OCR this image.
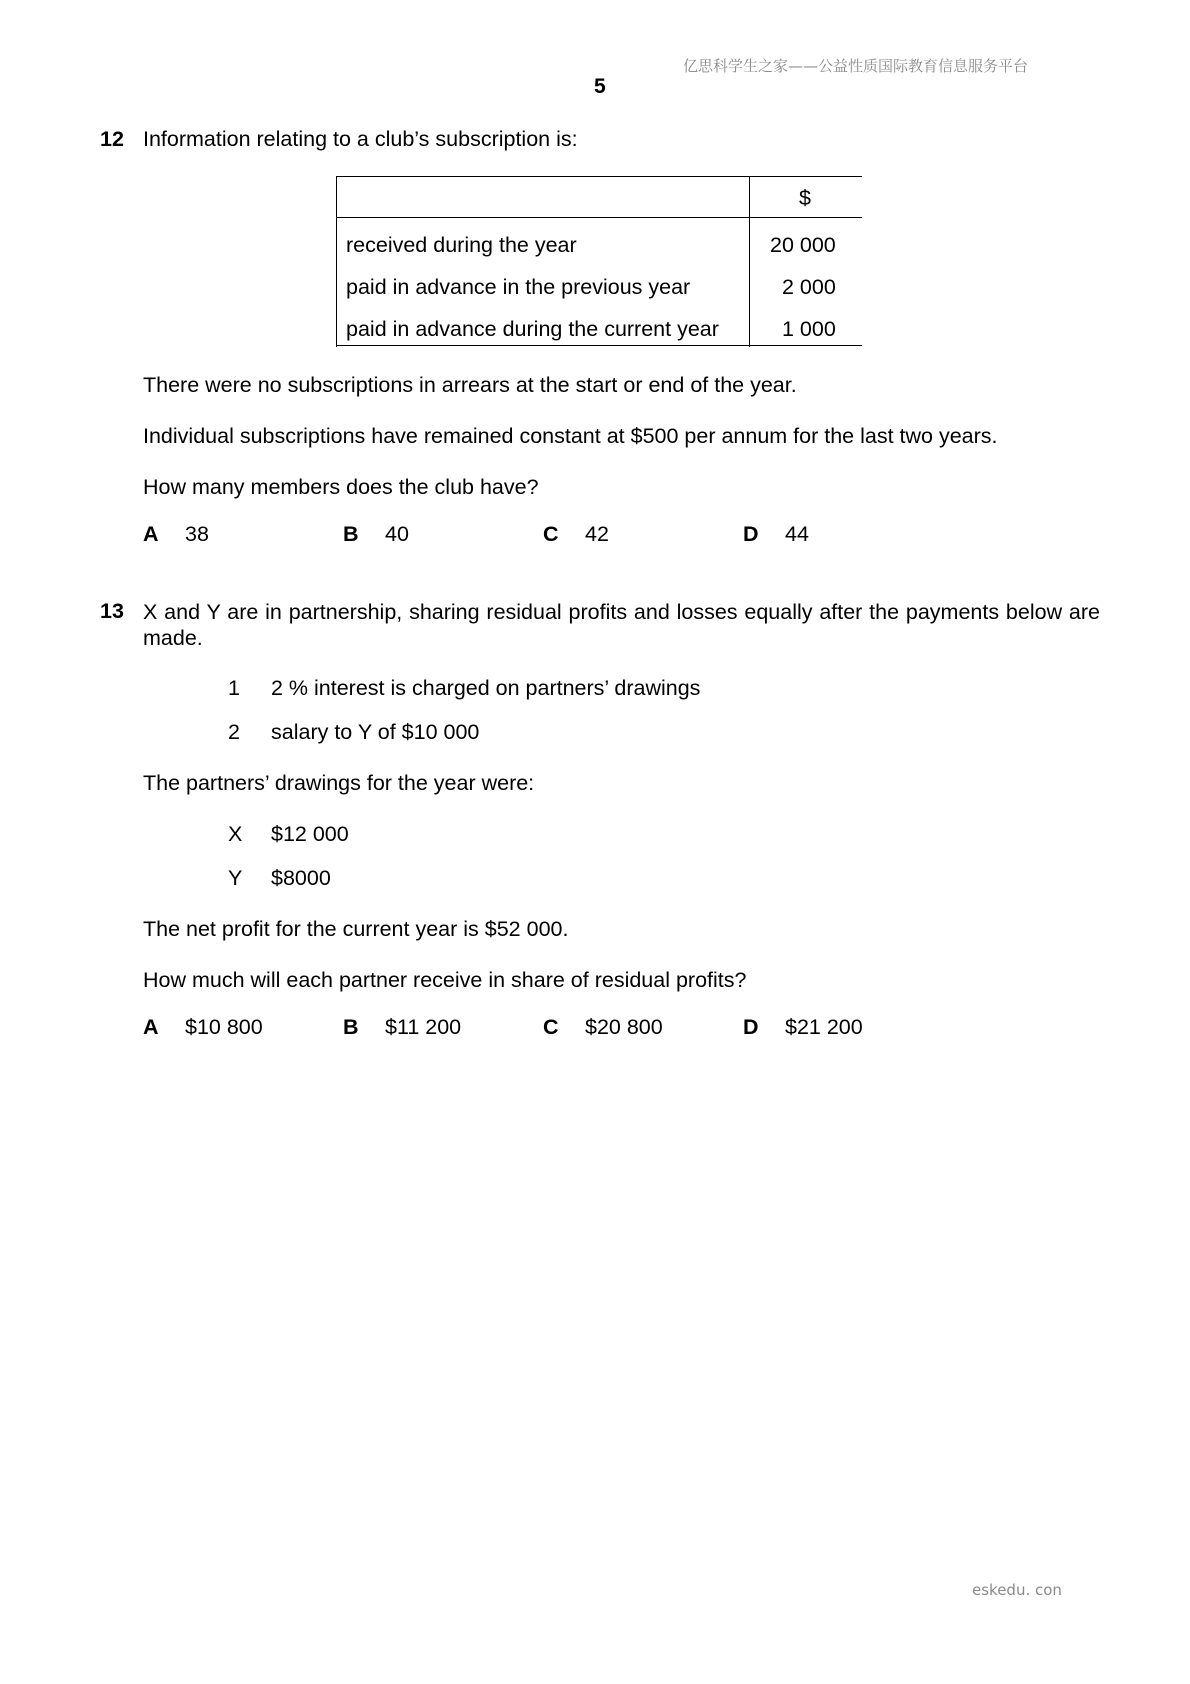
亿思科学生之家——公益性质国际教育信息服务平台
5
12 Information relating to a club’s subscription is:
$
received during the year	20 000
paid in advance in the previous year	2 000
paid in advance during the current year	1 000
There were no subscriptions in arrears at the start or end of the year.
Individual subscriptions have remained constant at $500 per annum for the last two years.
How many members does the club have?
A 38	B 40	C 42	D 44
13 X and Y are in partnership, sharing residual profits and losses equally after the payments below are made.
1 2 % interest is charged on partners’ drawings
2 salary to Y of $10 000
The partners’ drawings for the year were:
X $12 000
Y $8000
The net profit for the current year is $52 000.
How much will each partner receive in share of residual profits?
A $10 800	B $11 200	C $20 800	D $21 200
eskedu. con
